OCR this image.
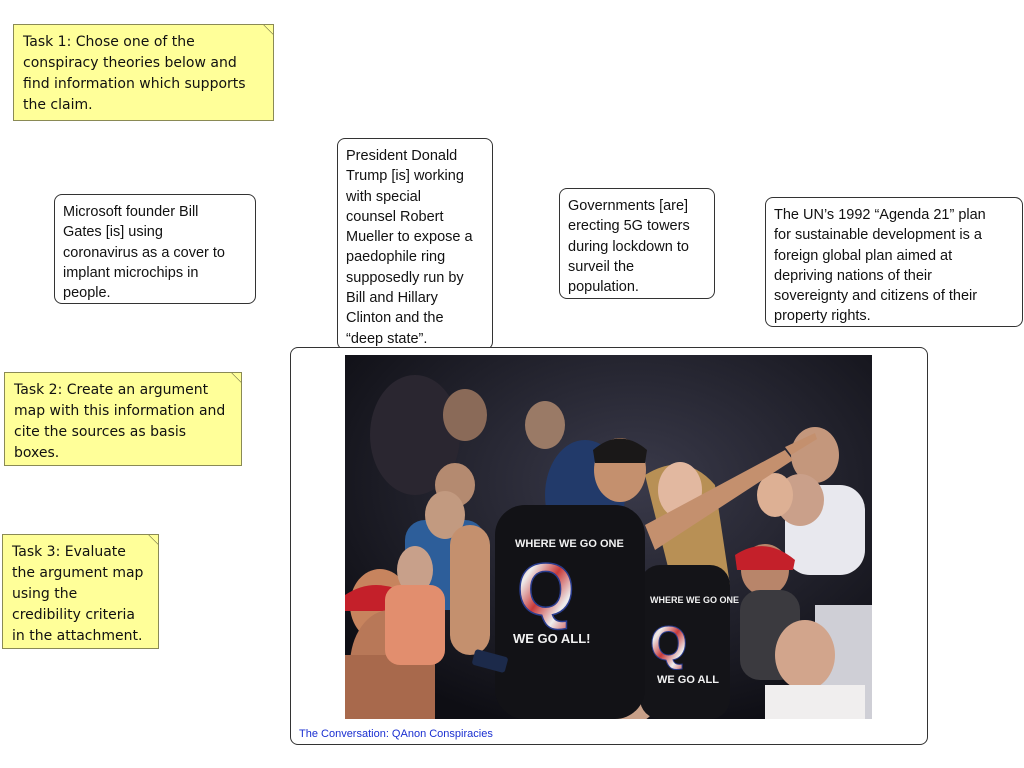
Task 1: Chose one of the
conspiracy theories below and
find information which supports
the claim.
Task 2: Create an argument
map with this information and
cite the sources as basis
boxes.
Task 3: Evaluate
the argument map
using the
credibility criteria
in the attachment.
Microsoft founder Bill
Gates [is] using
coronavirus as a cover to
implant microchips in
people.
President Donald
Trump [is] working
with special
counsel Robert
Mueller to expose a
paedophile ring
supposedly run by
Bill and Hillary
Clinton and the
“deep state”.
Governments [are]
erecting 5G towers
during lockdown to
surveil the
population.
The UN’s 1992 “Agenda 21” plan
for sustainable development is a
foreign global plan aimed at
depriving nations of their
sovereignty and citizens of their
property rights.
WHERE WE GO ONE
Q
WE GO ALL
WHERE WE GO ONE
Q
WE GO ALL!
The Conversation: QAnon Conspiracies
